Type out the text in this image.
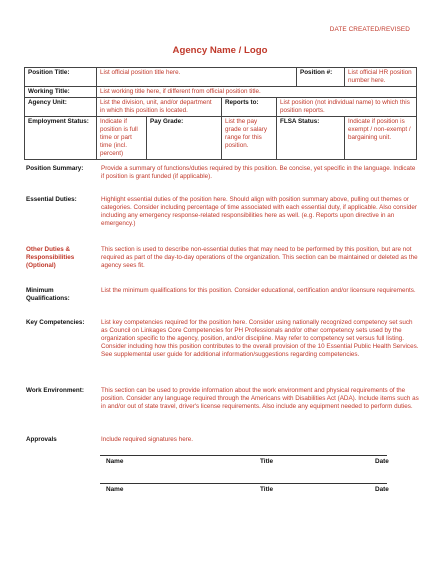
DATE CREATED/REVISED
Agency Name / Logo
Position Title:	List official position title here.				Position #:	List official HR position number here.
Working Title:	List working title here, if different from official position title.					
Agency Unit:	List the division, unit, and/or department in which this position is located.		Reports to:	List position (not individual name) to which this position reports.		
Employment Status:	Indicate if position is full time or part time (incl. percent)	Pay Grade:	List the pay grade or salary range for this position.	FLSA Status:		Indicate if position is exempt / non-exempt / bargaining unit.
Position Summary:	Provide a summary of functions/duties required by this position. Be concise, yet specific in the language. Indicate if position is grant funded (if applicable).
Essential Duties:	Highlight essential duties of the position here. Should align with position summary above, pulling out themes or categories. Consider including percentage of time associated with each essential duty, if applicable. Also consider including any emergency response-related responsibilities here as well. (e.g. Reports upon directive in an emergency.)
Other Duties & Responsibilities (Optional)
This section is used to describe non-essential duties that may need to be performed by this position, but are not required as part of the day-to-day operations of the organization. This section can be maintained or deleted as the agency sees fit.
Minimum Qualifications:
List the minimum qualifications for this position. Consider educational, certification and/or licensure requirements.
Key Competencies:	List key competencies required for the position here. Consider using nationally recognized competency set such as Council on Linkages Core Competencies for PH Professionals and/or other competency sets used by the organization specific to the agency, position, and/or discipline. May refer to competency set versus full listing. Consider including how this position contributes to the overall provision of the 10 Essential Public Health Services. See supplemental user guide for additional information/suggestions regarding competencies.
Work Environment:	This section can be used to provide information about the work environment and physical requirements of the position. Consider any language required through the Americans with Disabilities Act (ADA). Include items such as in and/or out of state travel, driver's license requirements. Also include any equipment needed to perform duties.
Approvals	Include required signatures here.
Name	Title	Date
Name	Title	Date
